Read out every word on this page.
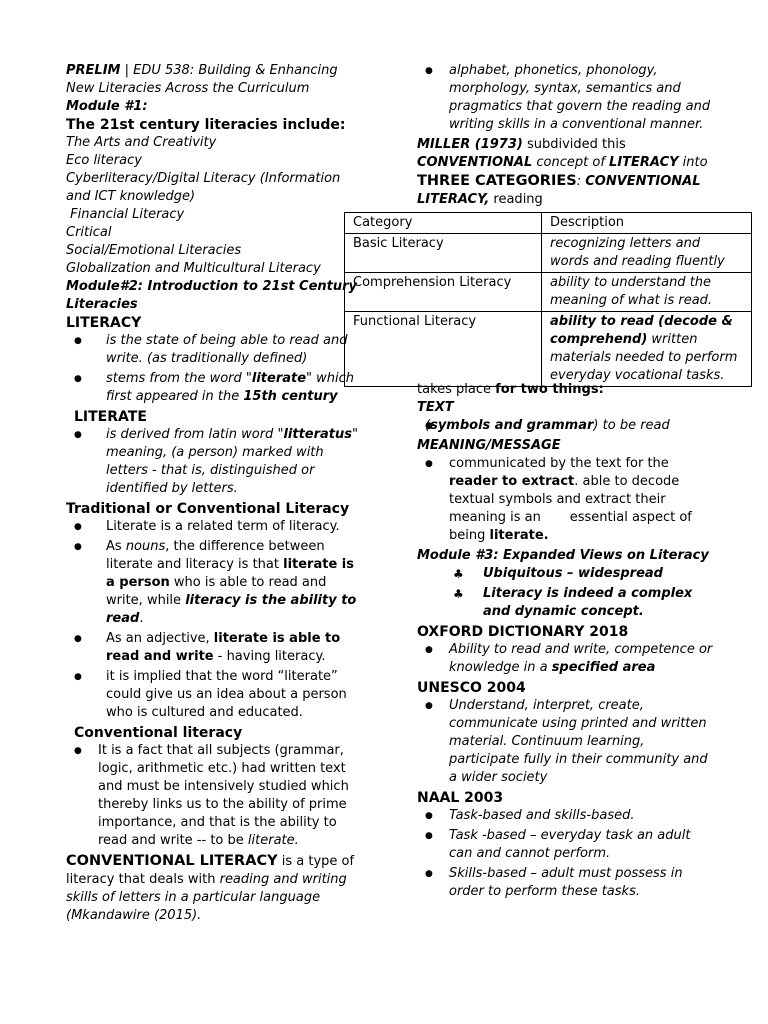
PRELIM | EDU 538: Building & Enhancing New Literacies Across the Curriculum

Module #1:

The 21st century literacies include:

The Arts and Creativity

Eco literacy

Cyberliteracy/Digital Literacy (Information and ICT knowledge)

Financial Literacy

Critical

Social/Emotional Literacies

Globalization and Multicultural Literacy

Module#2: Introduction to 21st Century Literacies

LITERACY

● is the state of being able to read and write. (as traditionally defined)
● stems from the word "literate" which first appeared in the 15th century

LITERATE

● is derived from latin word "litteratus" meaning, (a person) marked with letters - that is, distinguished or identified by letters.

Traditional or Conventional Literacy

● Literate is a related term of literacy.
● As nouns, the difference between literate and literacy is that literate is a person who is able to read and write, while literacy is the ability to read.
● As an adjective, literate is able to read and write - having literacy.
● it is implied that the word “literate” could give us an idea about a person who is cultured and educated.

Conventional literacy

● It is a fact that all subjects (grammar, logic, arithmetic etc.) had written text and must be intensively studied which thereby links us to the ability of prime importance, and that is the ability to read and write -- to be literate.

CONVENTIONAL LITERACY is a type of literacy that deals with reading and writing skills of letters in a particular language (Mkandawire (2015).

● alphabet, phonetics, phonology, morphology, syntax, semantics and pragmatics that govern the reading and writing skills in a conventional manner.

MILLER (1973) subdivided this CONVENTIONAL concept of LITERACY into THREE CATEGORIES: CONVENTIONAL LITERACY, reading

takes place for two things:

TEXT

● (symbols and grammar) to be read

MEANING/MESSAGE

● communicated by the text for the reader to extract. able to decode textual symbols and extract their meaning is an       essential aspect of being literate.

Module #3: Expanded Views on Literacy

♣ Ubiquitous – widespread
♣ Literacy is indeed a complex and dynamic concept.

OXFORD DICTIONARY 2018

● Ability to read and write, competence or knowledge in a specified area

UNESCO 2004

● Understand, interpret, create, communicate using printed and written material. Continuum learning, participate fully in their community and a wider society

NAAL 2003

● Task-based and skills-based.
● Task -based – everyday task an adult can and cannot perform.
● Skills-based – adult must possess in order to perform these tasks.
Category	Description
Basic Literacy	recognizing letters and words and reading fluently
Comprehension Literacy	ability to understand the meaning of what is read.
Functional Literacy	ability to read (decode & comprehend) written materials needed to perform everyday vocational tasks.
